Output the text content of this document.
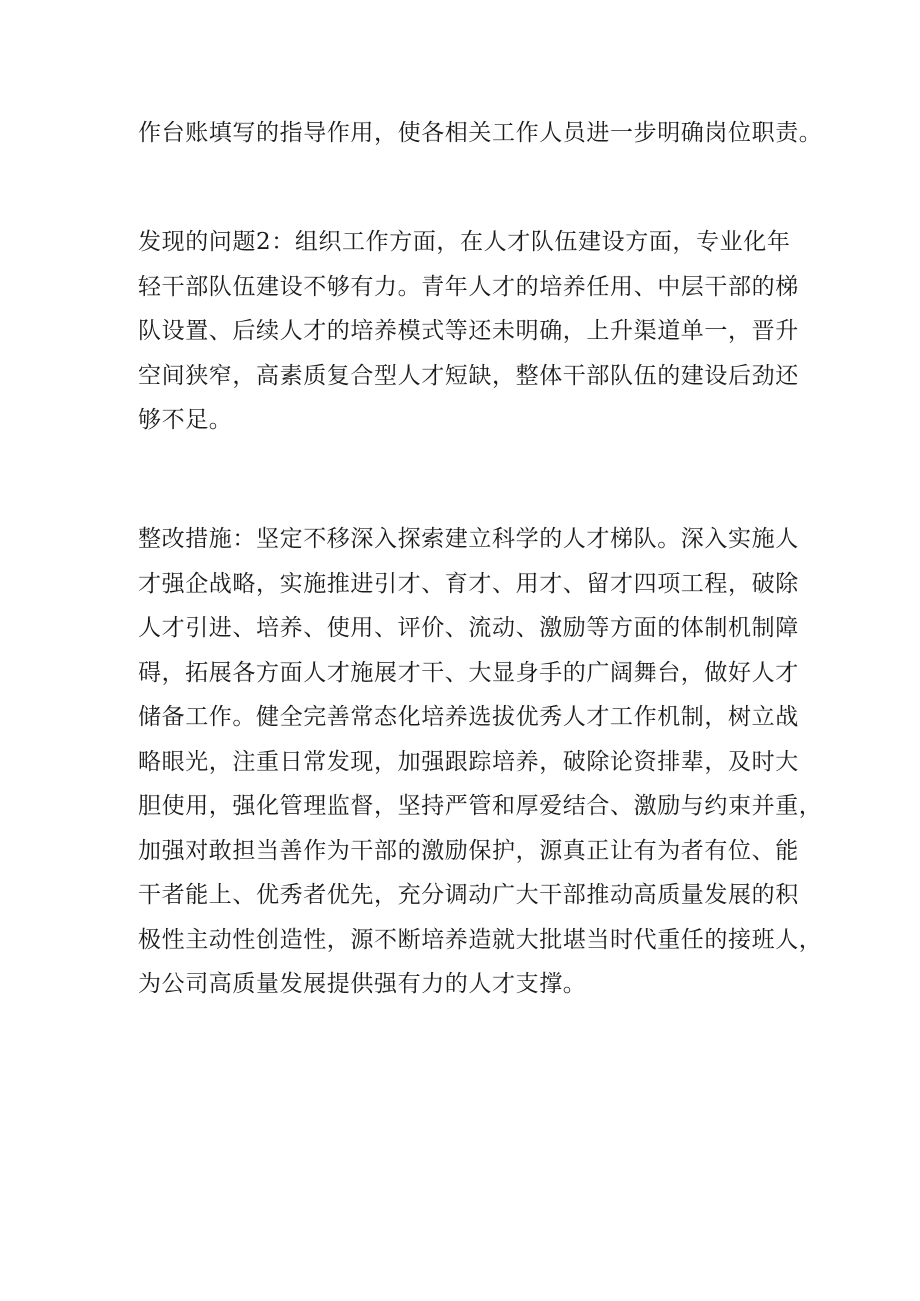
作台账填写的指导作用，使各相关工作人员进一步明确岗位职责。
发现的问题2：组织工作方面，在人才队伍建设方面，专业化年
轻干部队伍建设不够有力。青年人才的培养任用、中层干部的梯
队设置、后续人才的培养模式等还未明确，上升渠道单一，晋升
空间狭窄，高素质复合型人才短缺，整体干部队伍的建设后劲还
够不足。
整改措施：坚定不移深入探索建立科学的人才梯队。深入实施人
才强企战略，实施推进引才、育才、用才、留才四项工程，破除
人才引进、培养、使用、评价、流动、激励等方面的体制机制障
碍，拓展各方面人才施展才干、大显身手的广阔舞台，做好人才
储备工作。健全完善常态化培养选拔优秀人才工作机制，树立战
略眼光，注重日常发现，加强跟踪培养，破除论资排辈，及时大
胆使用，强化管理监督，坚持严管和厚爱结合、激励与约束并重，
加强对敢担当善作为干部的激励保护，源真正让有为者有位、能
干者能上、优秀者优先，充分调动广大干部推动高质量发展的积
极性主动性创造性，源不断培养造就大批堪当时代重任的接班人，
为公司高质量发展提供强有力的人才支撑。
